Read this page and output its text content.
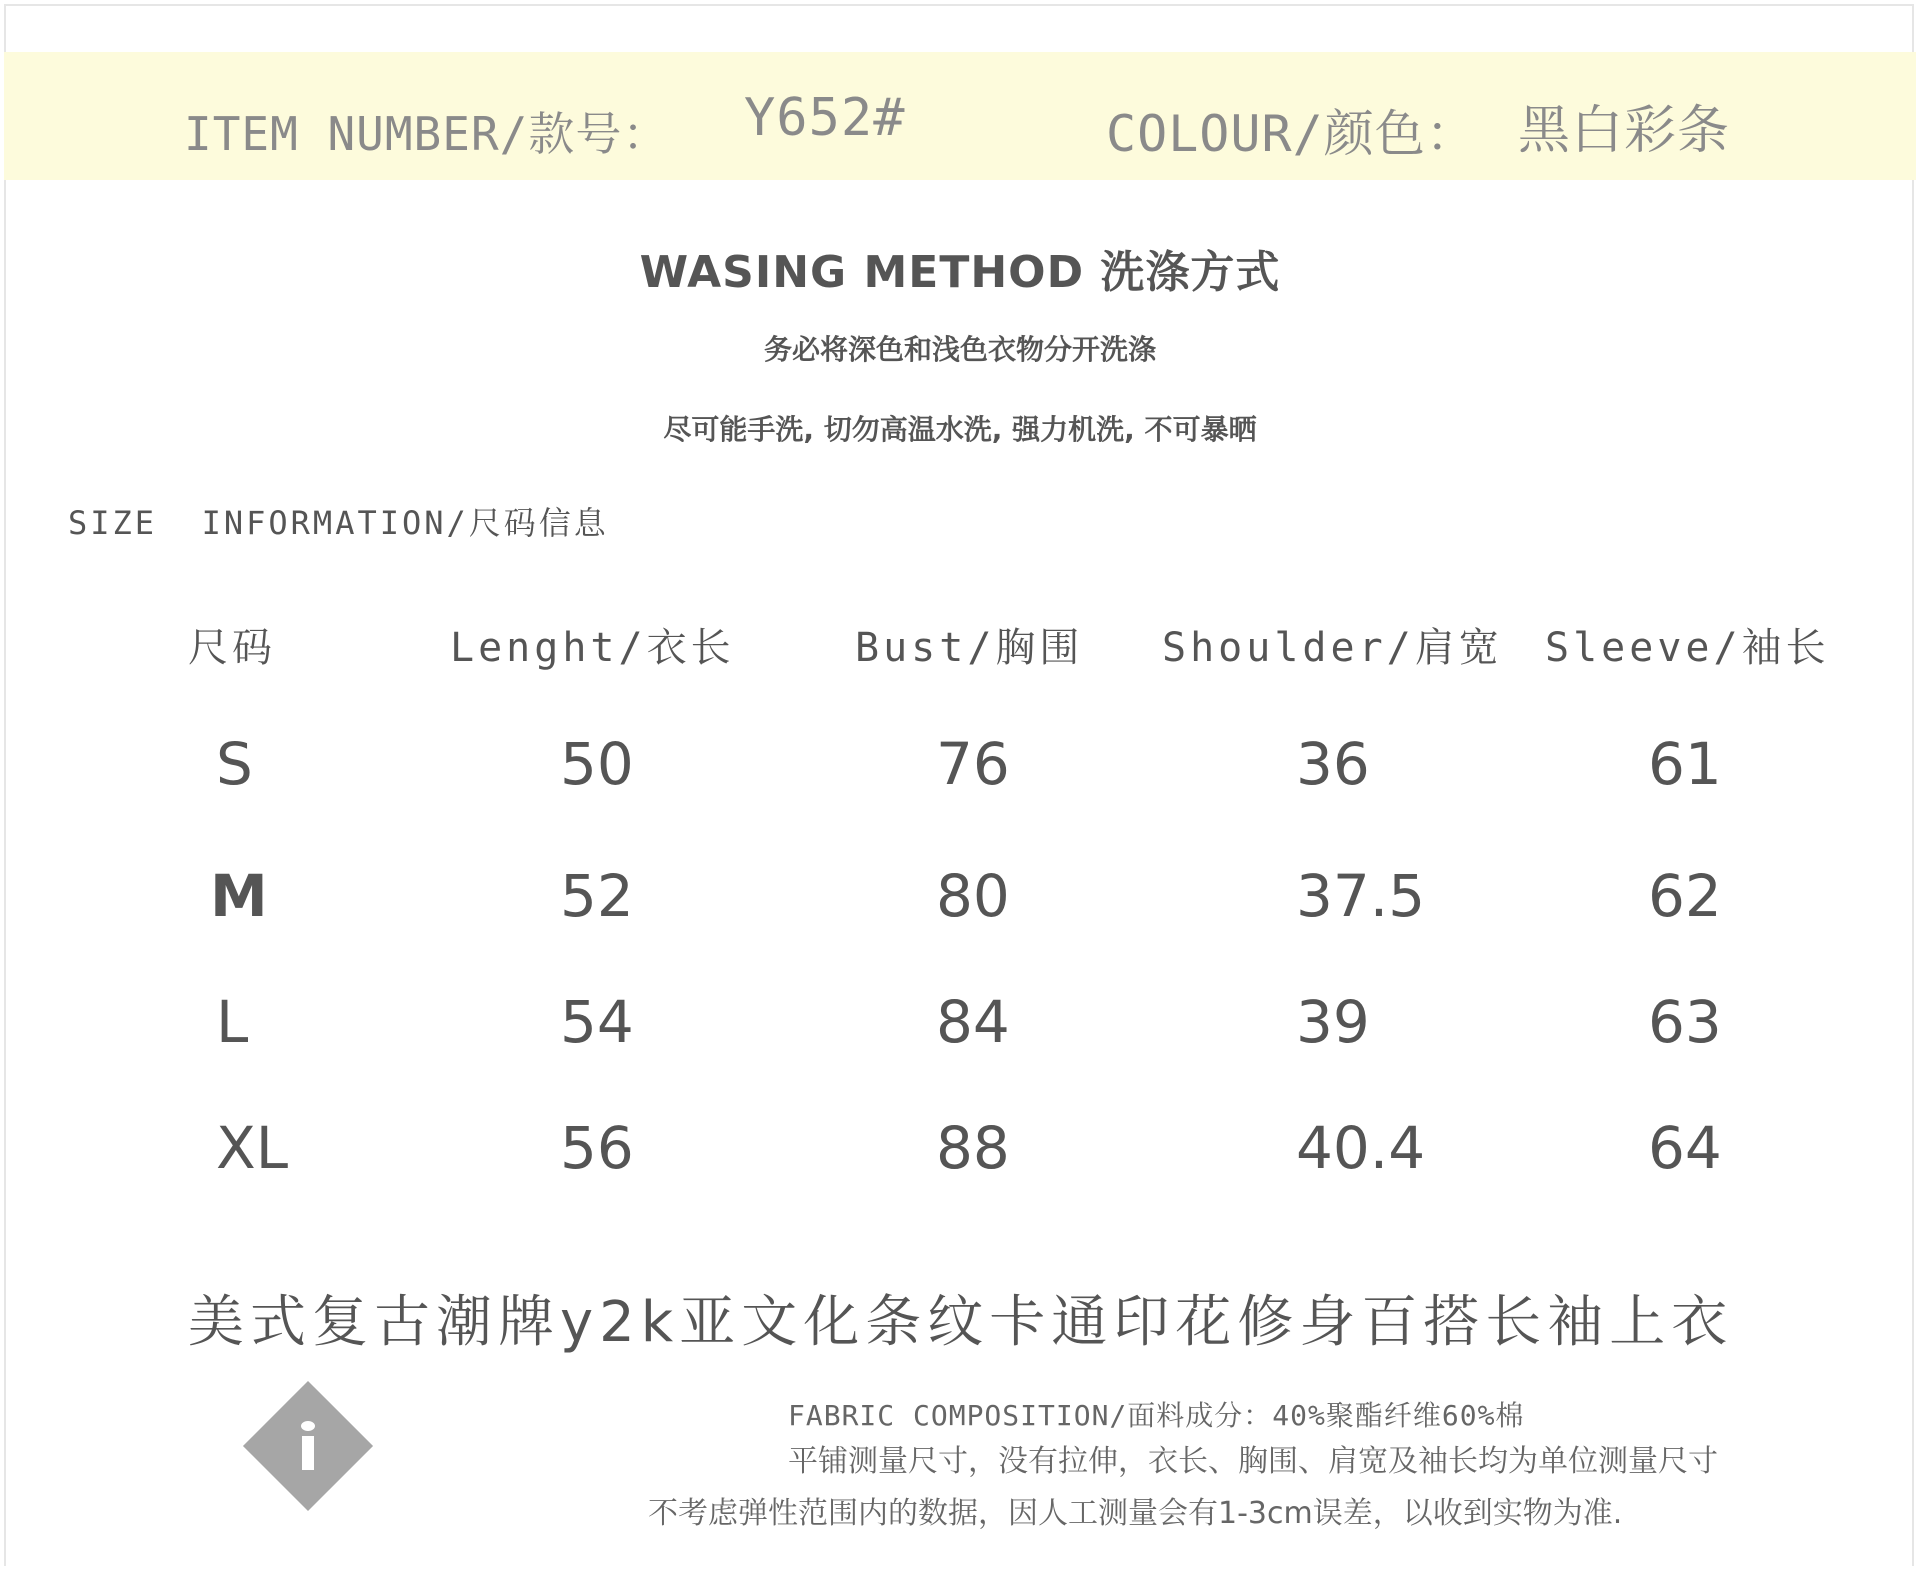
ITEM NUMBER/款号： Y652#	COLOUR/颜色： 黑白彩条
WASING METHOD 洗涤方式
务必将深色和浅色衣物分开洗涤
尽可能手洗, 切勿高温水洗, 强力机洗, 不可暴晒
SIZE  INFORMATION/尺码信息
尺码	Lenght/衣长	Bust/胸围 Shoulder/肩宽 Sleeve/袖长
S	50	76	36	61
M	52	80	37.5	62
L	54	84	39	63
XL	56	88	40.4	64
美式复古潮牌y2k亚文化条纹卡通印花修身百搭长袖上衣
FABRIC COMPOSITION/面料成分：40%聚酯纤维60%棉
平铺测量尺寸，没有拉伸，衣长、胸围、肩宽及袖长均为单位测量尺寸
不考虑弹性范围内的数据，因人工测量会有1-3cm误差，以收到实物为准.
